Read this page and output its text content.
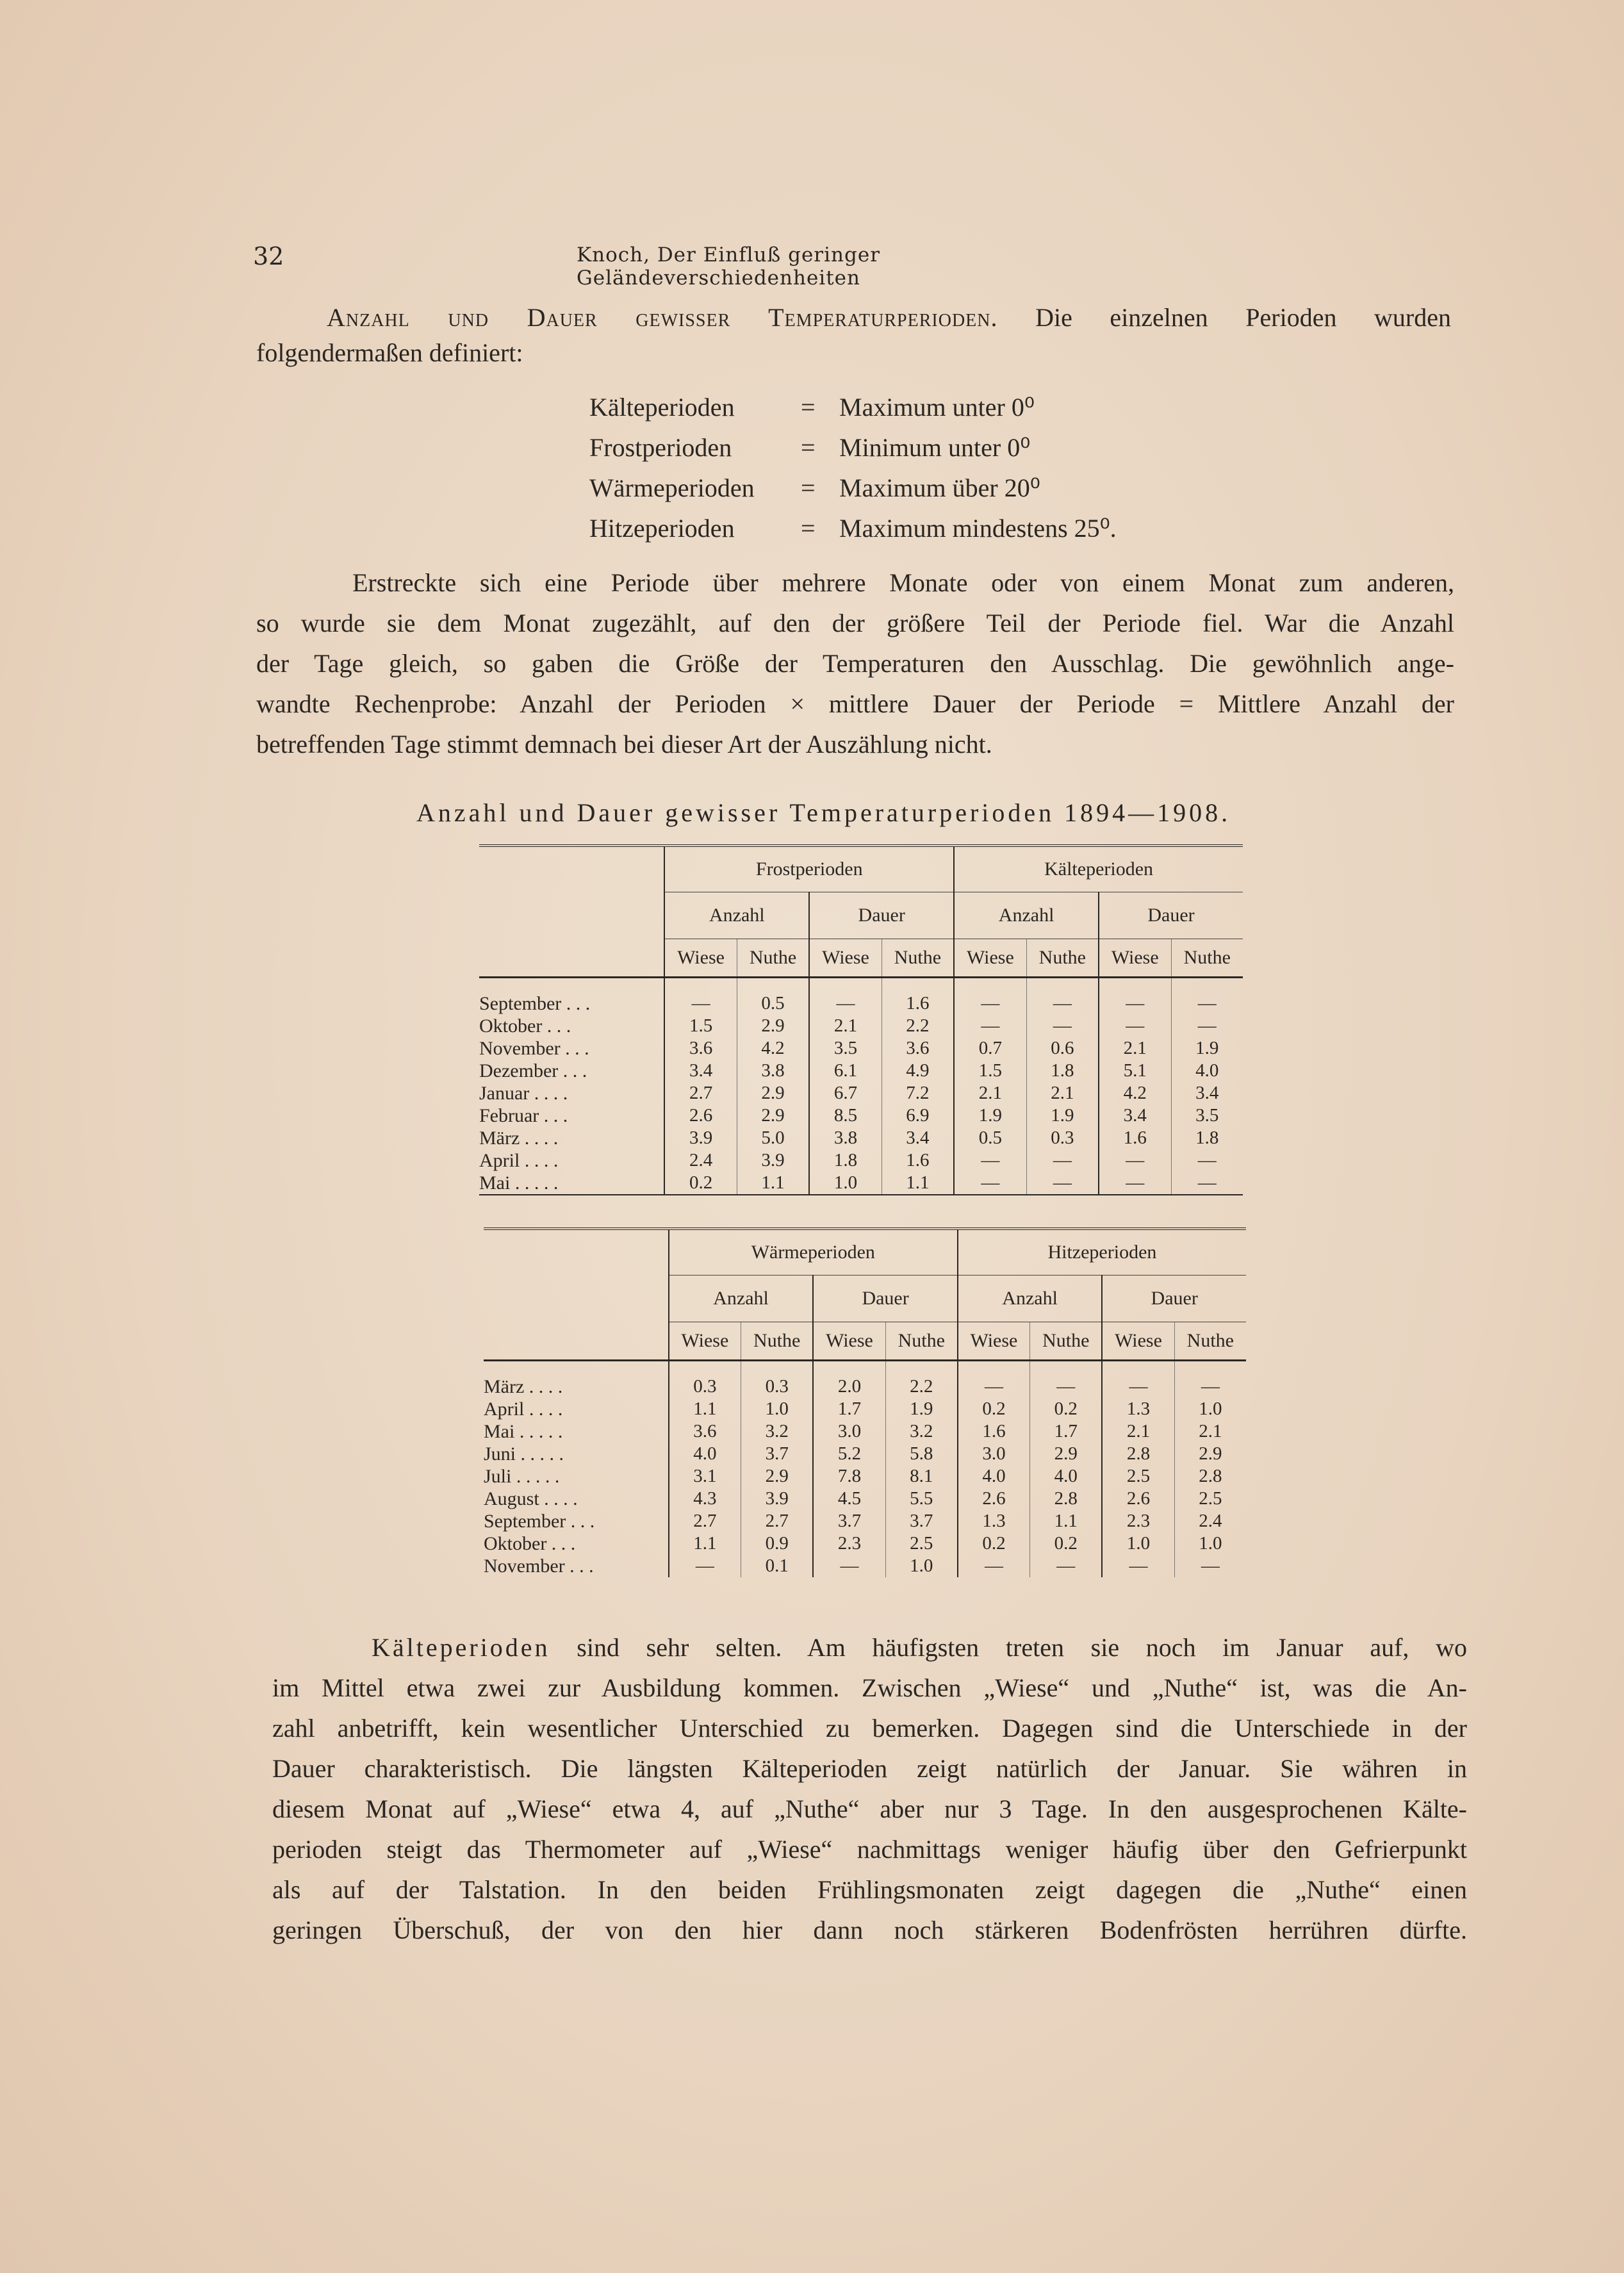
32	Knoch, Der Einfluß geringer Geländeverschiedenheiten
Anzahl und Dauer gewisser Temperaturperioden. Die einzelnen Perioden wurden
folgendermaßen definiert:
Kälteperioden	= Maximum unter 0⁰
Frostperioden	= Minimum unter 0⁰
Wärmeperioden	= Maximum über 20⁰
Hitzeperioden	= Maximum mindestens 25⁰.
Erstreckte sich eine Periode über mehrere Monate oder von einem Monat zum anderen,
so wurde sie dem Monat zugezählt, auf den der größere Teil der Periode fiel. War die Anzahl
der Tage gleich, so gaben die Größe der Temperaturen den Ausschlag. Die gewöhnlich ange-
wandte Rechenprobe: Anzahl der Perioden × mittlere Dauer der Periode = Mittlere Anzahl der
betreffenden Tage stimmt demnach bei dieser Art der Auszählung nicht.
Anzahl und Dauer gewisser Temperaturperioden 1894—1908.
	Frostperioden				Kälteperioden			
	Anzahl		Dauer		Anzahl		Dauer	
	Wiese	Nuthe	Wiese	Nuthe	Wiese	Nuthe	Wiese	Nuthe

September . . .	—	0.5	—	1.6	—	—	—	—
Oktober . . .	1.5	2.9	2.1	2.2	—	—	—	—
November . . .	3.6	4.2	3.5	3.6	0.7	0.6	2.1	1.9
Dezember . . .	3.4	3.8	6.1	4.9	1.5	1.8	5.1	4.0
Januar . . . .	2.7	2.9	6.7	7.2	2.1	2.1	4.2	3.4
Februar . . .	2.6	2.9	8.5	6.9	1.9	1.9	3.4	3.5
März . . . .	3.9	5.0	3.8	3.4	0.5	0.3	1.6	1.8
April . . . .	2.4	3.9	1.8	1.6	—	—	—	—
Mai . . . . .	0.2	1.1	1.0	1.1	—	—	—	—
	Wärmeperioden				Hitzeperioden			
	Anzahl		Dauer		Anzahl		Dauer	
	Wiese	Nuthe	Wiese	Nuthe	Wiese	Nuthe	Wiese	Nuthe

März . . . .	0.3	0.3	2.0	2.2	—	—	—	—
April . . . .	1.1	1.0	1.7	1.9	0.2	0.2	1.3	1.0
Mai . . . . .	3.6	3.2	3.0	3.2	1.6	1.7	2.1	2.1
Juni . . . . .	4.0	3.7	5.2	5.8	3.0	2.9	2.8	2.9
Juli . . . . .	3.1	2.9	7.8	8.1	4.0	4.0	2.5	2.8
August . . . .	4.3	3.9	4.5	5.5	2.6	2.8	2.6	2.5
September . . .	2.7	2.7	3.7	3.7	1.3	1.1	2.3	2.4
Oktober . . .	1.1	0.9	2.3	2.5	0.2	0.2	1.0	1.0
November . . .	—	0.1	—	1.0	—	—	—	—
Kälteperioden sind sehr selten. Am häufigsten treten sie noch im Januar auf, wo
im Mittel etwa zwei zur Ausbildung kommen. Zwischen „Wiese“ und „Nuthe“ ist, was die An-
zahl anbetrifft, kein wesentlicher Unterschied zu bemerken. Dagegen sind die Unterschiede in der
Dauer charakteristisch. Die längsten Kälteperioden zeigt natürlich der Januar. Sie währen in
diesem Monat auf „Wiese“ etwa 4, auf „Nuthe“ aber nur 3 Tage. In den ausgesprochenen Kälte-
perioden steigt das Thermometer auf „Wiese“ nachmittags weniger häufig über den Gefrierpunkt
als auf der Talstation. In den beiden Frühlingsmonaten zeigt dagegen die „Nuthe“ einen
geringen Überschuß, der von den hier dann noch stärkeren Bodenfrösten herrühren dürfte.
